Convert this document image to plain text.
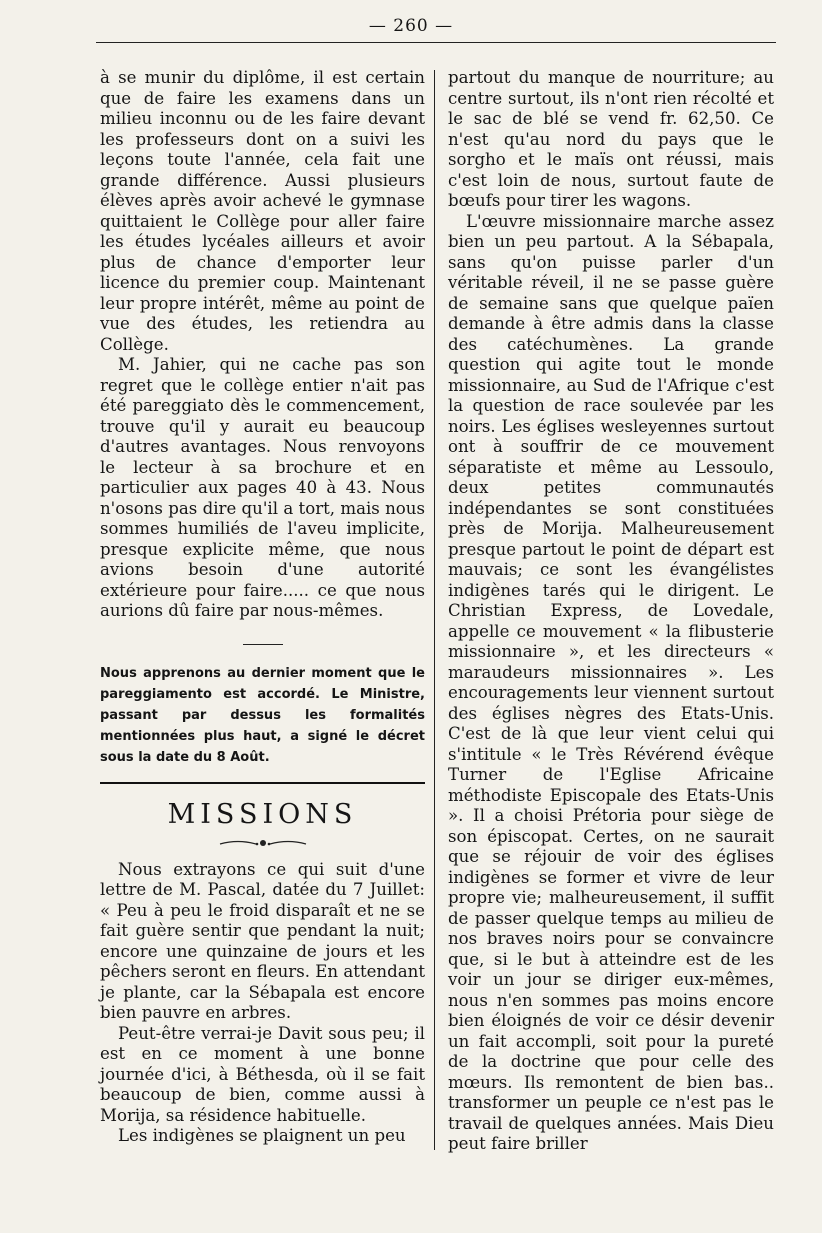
— 260 —

à se munir du diplôme, il est certain que de faire les examens dans un milieu inconnu ou de les faire devant les professeurs dont on a suivi les leçons toute l'année, cela fait une grande différence. Aussi plusieurs élèves après avoir achevé le gymnase quittaient le Collège pour aller faire les études lycéales ailleurs et avoir plus de chance d'emporter leur licence du premier coup. Maintenant leur propre intérêt, même au point de vue des études, les retiendra au Collège.

M. Jahier, qui ne cache pas son regret que le collège entier n'ait pas été pareggiato dès le commencement, trouve qu'il y aurait eu beaucoup d'autres avantages. Nous renvoyons le lecteur à sa brochure et en particulier aux pages 40 à 43. Nous n'osons pas dire qu'il a tort, mais nous sommes humiliés de l'aveu implicite, presque explicite même, que nous avions besoin d'une autorité extérieure pour faire..... ce que nous aurions dû faire par nous-mêmes.

Nous apprenons au dernier moment que le pareggiamento est accordé. Le Ministre, passant par dessus les formalités mentionnées plus haut, a signé le décret sous la date du 8 Août.

MISSIONS

Nous extrayons ce qui suit d'une lettre de M. Pascal, datée du 7 Juillet: « Peu à peu le froid disparaît et ne se fait guère sentir que pendant la nuit; encore une quinzaine de jours et les pêchers seront en fleurs. En attendant je plante, car la Sébapala est encore bien pauvre en arbres.

Peut-être verrai-je Davit sous peu; il est en ce moment à une bonne journée d'ici, à Béthesda, où il se fait beaucoup de bien, comme aussi à Morija, sa résidence habituelle.

Les indigènes se plaignent un peu

partout du manque de nourriture; au centre surtout, ils n'ont rien récolté et le sac de blé se vend fr. 62,50. Ce n'est qu'au nord du pays que le sorgho et le maïs ont réussi, mais c'est loin de nous, surtout faute de bœufs pour tirer les wagons.

L'œuvre missionnaire marche assez bien un peu partout. A la Sébapala, sans qu'on puisse parler d'un véritable réveil, il ne se passe guère de semaine sans que quelque païen demande à être admis dans la classe des catéchumènes. La grande question qui agite tout le monde missionnaire, au Sud de l'Afrique c'est la question de race soulevée par les noirs. Les églises wesleyennes surtout ont à souffrir de ce mouvement séparatiste et même au Lessoulo, deux petites communautés indépendantes se sont constituées près de Morija. Malheureusement presque partout le point de départ est mauvais; ce sont les évangélistes indigènes tarés qui le dirigent. Le Christian Express, de Lovedale, appelle ce mouvement « la flibusterie missionnaire », et les directeurs « maraudeurs missionnaires ». Les encouragements leur viennent surtout des églises nègres des Etats-Unis. C'est de là que leur vient celui qui s'intitule « le Très Révérend évêque Turner de l'Eglise Africaine méthodiste Episcopale des Etats-Unis ». Il a choisi Prétoria pour siège de son épiscopat. Certes, on ne saurait que se réjouir de voir des églises indigènes se former et vivre de leur propre vie; malheureusement, il suffit de passer quelque temps au milieu de nos braves noirs pour se convaincre que, si le but à atteindre est de les voir un jour se diriger eux-mêmes, nous n'en sommes pas moins encore bien éloignés de voir ce désir devenir un fait accompli, soit pour la pureté de la doctrine que pour celle des mœurs. Ils remontent de bien bas.. transformer un peuple ce n'est pas le travail de quelques années. Mais Dieu peut faire briller
